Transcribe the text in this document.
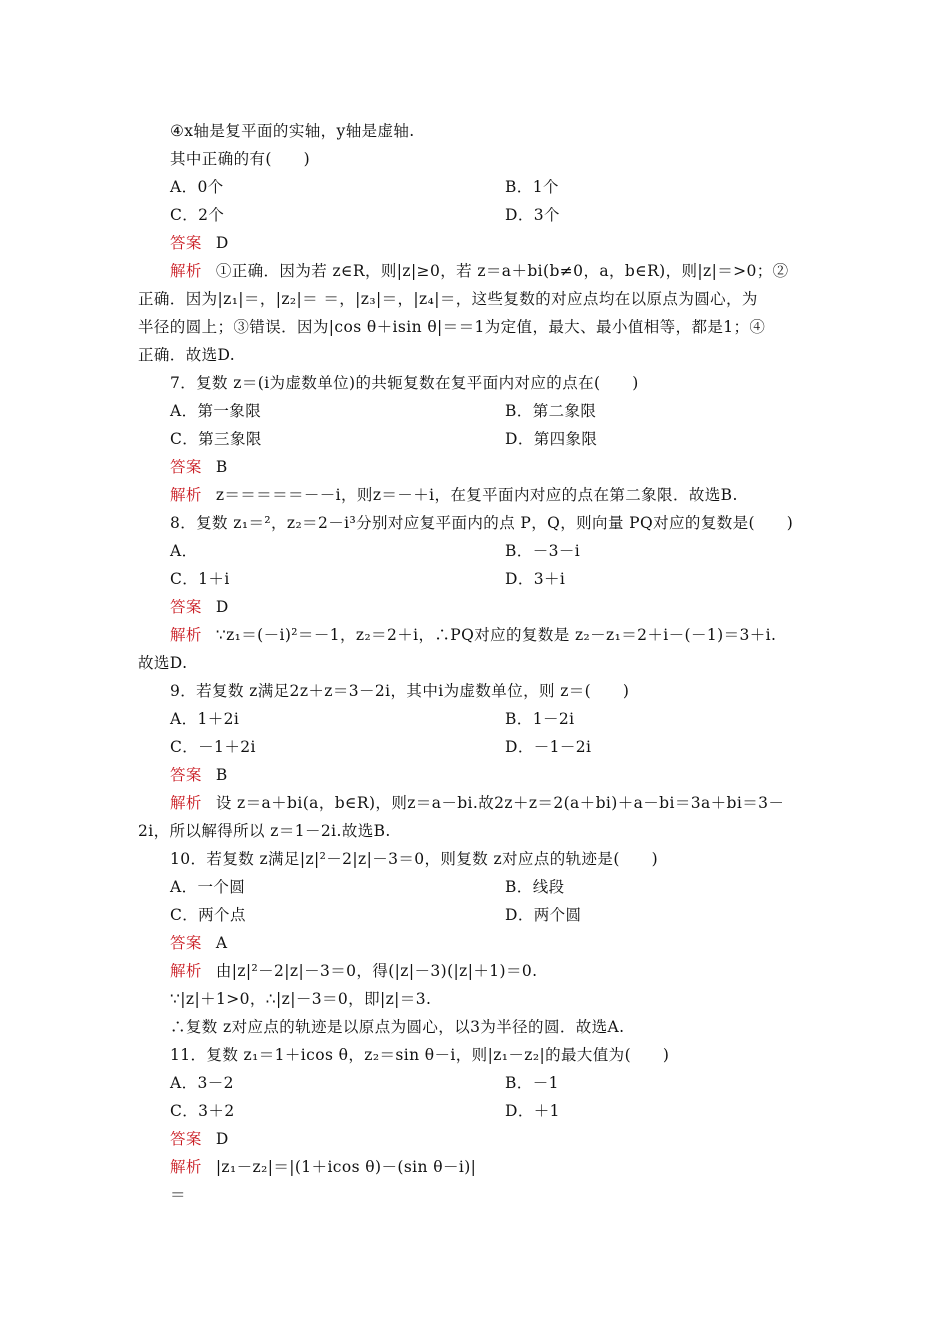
④x轴是复平面的实轴，y轴是虚轴.
其中正确的有(　　)
A．0个	B．1个
C．2个	D．3个
答案 D
解析 ①正确．因为若 z∈R，则|z|≥0，若 z＝a＋bi(b≠0，a，b∈R)，则|z|＝>0；②
正确．因为|z₁|＝，|z₂|＝ ＝，|z₃|＝，|z₄|＝，这些复数的对应点均在以原点为圆心，为
半径的圆上；③错误．因为|cos θ＋isin θ|＝＝1为定值，最大、最小值相等，都是1；④
正确．故选D.
7．复数 z＝(i为虚数单位)的共轭复数在复平面内对应的点在(　　)
A．第一象限	B．第二象限
C．第三象限	D．第四象限
答案 B
解析 z＝＝＝＝＝－－i，则z＝－＋i，在复平面内对应的点在第二象限．故选B.
8．复数 z₁＝²，z₂＝2－i³分别对应复平面内的点 P，Q，则向量 PQ对应的复数是(　　)
A．	B．－3－i
C．1＋i	D．3＋i
答案 D
解析 ∵z₁＝(－i)²＝－1，z₂＝2＋i，∴PQ对应的复数是 z₂－z₁＝2＋i－(－1)＝3＋i.
故选D.
9．若复数 z满足2z＋z＝3－2i，其中i为虚数单位，则 z＝(　　)
A．1＋2i	B．1－2i
C．－1＋2i	D．－1－2i
答案 B
解析 设 z＝a＋bi(a，b∈R)，则z＝a－bi.故2z＋z＝2(a＋bi)＋a－bi＝3a＋bi＝3－
2i，所以解得所以 z＝1－2i.故选B.
10．若复数 z满足|z|²－2|z|－3＝0，则复数 z对应点的轨迹是(　　)
A．一个圆	B．线段
C．两个点	D．两个圆
答案 A
解析 由|z|²－2|z|－3＝0，得(|z|－3)(|z|＋1)＝0.
∵|z|＋1>0，∴|z|－3＝0，即|z|＝3.
∴复数 z对应点的轨迹是以原点为圆心，以3为半径的圆．故选A.
11．复数 z₁＝1＋icos θ，z₂＝sin θ－i，则|z₁－z₂|的最大值为(　　)
A．3－2	B．－1
C．3＋2	D．＋1
答案 D
解析 |z₁－z₂|＝|(1＋icos θ)－(sin θ－i)|
＝
